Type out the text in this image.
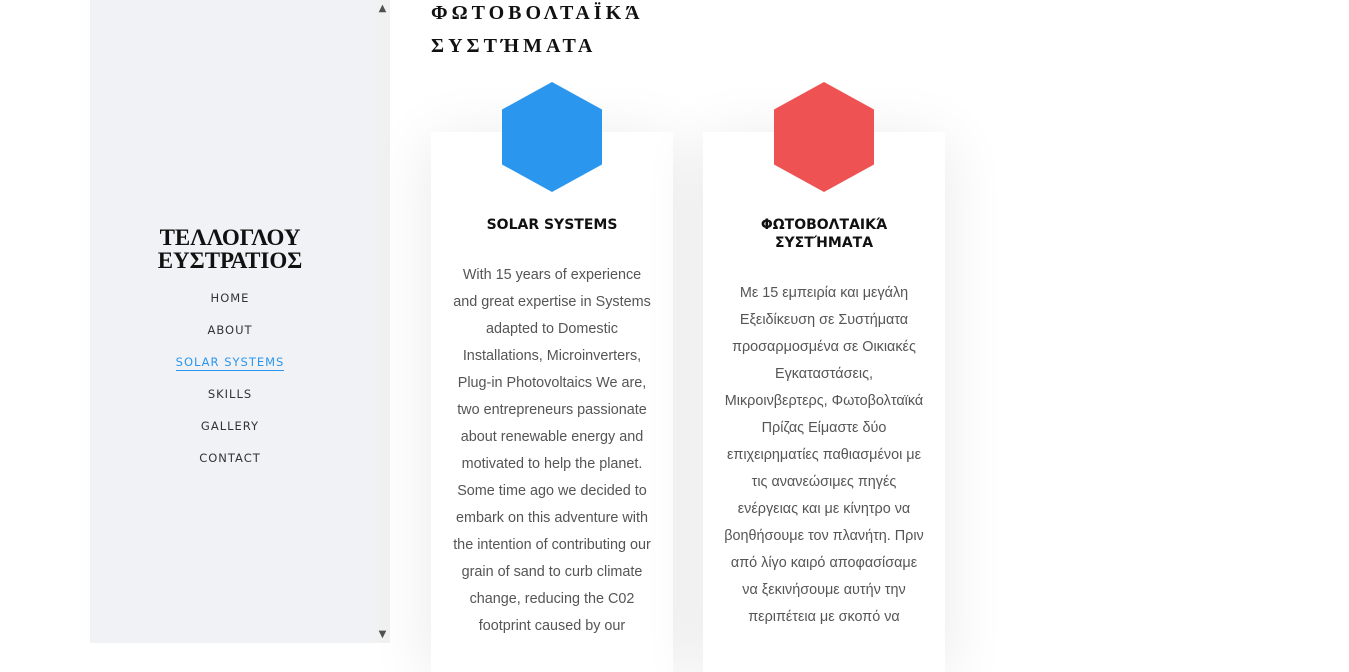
ΤΕΛΛΟΓΛΟΥ
ΕΥΣΤΡΑΤΙΟΣ
HOME
ABOUT
SOLAR SYSTEMS
SKILLS
GALLERY
CONTACT
▲
▼
ΦΩΤΟΒΟΛΤΑΪΚΆ
ΣΥΣΤΉΜΑΤΑ
SOLAR SYSTEMS

With 15 years of experience and great expertise in Systems adapted to Domestic Installations, Microinverters, Plug-in Photovoltaics We are, two entrepreneurs passionate about renewable energy and motivated to help the planet. Some time ago we decided to embark on this adventure with the intention of contributing our grain of sand to curb climate change, reducing the C02 footprint caused by our

ΦΩΤΟΒΟΛΤΑΙΚΆ ΣΥΣΤΉΜΑΤΑ

Με 15 εμπειρία και μεγάλη Εξειδίκευση σε Συστήματα προσαρμοσμένα σε Οικιακές Εγκαταστάσεις, Μικροινβερτερς, Φωτοβολταϊκά Πρίζας Είμαστε δύο επιχειρηματίες παθιασμένοι με τις ανανεώσιμες πηγές ενέργειας και με κίνητρο να βοηθήσουμε τον πλανήτη. Πριν από λίγο καιρό αποφασίσαμε να ξεκινήσουμε αυτήν την περιπέτεια με σκοπό να
